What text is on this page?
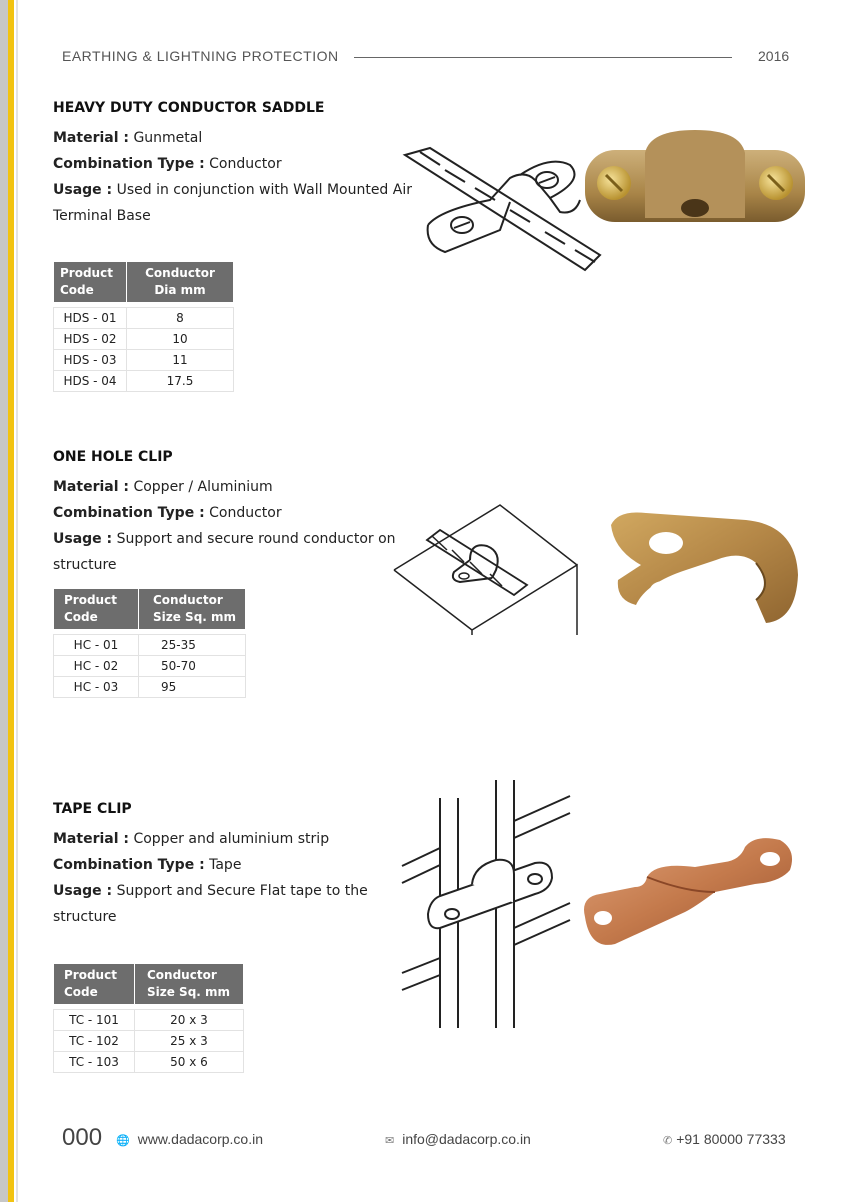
EARTHING & LIGHTNING PROTECTION	2016
HEAVY DUTY CONDUCTOR SADDLE
Material : Gunmetal
Combination Type : Conductor
Usage : Used in conjunction with Wall Mounted Air Terminal Base
Product Code	Conductor Dia mm

HDS - 01	8
HDS - 02	10
HDS - 03	11
HDS - 04	17.5
ONE HOLE CLIP
Material : Copper / Aluminium
Combination Type : Conductor
Usage : Support and secure round conductor on structure
Product Code	Conductor Size Sq. mm

HC - 01	25-35
HC - 02	50-70
HC - 03	95
TAPE CLIP
Material : Copper and aluminium strip
Combination Type : Tape
Usage : Support and Secure Flat tape to the structure
Product Code	Conductor Size Sq. mm

TC - 101	20 x 3
TC - 102	25 x 3
TC - 103	50 x 6
000 🌐 www.dadacorp.co.in	✉ info@dadacorp.co.in	✆ +91 80000 77333
